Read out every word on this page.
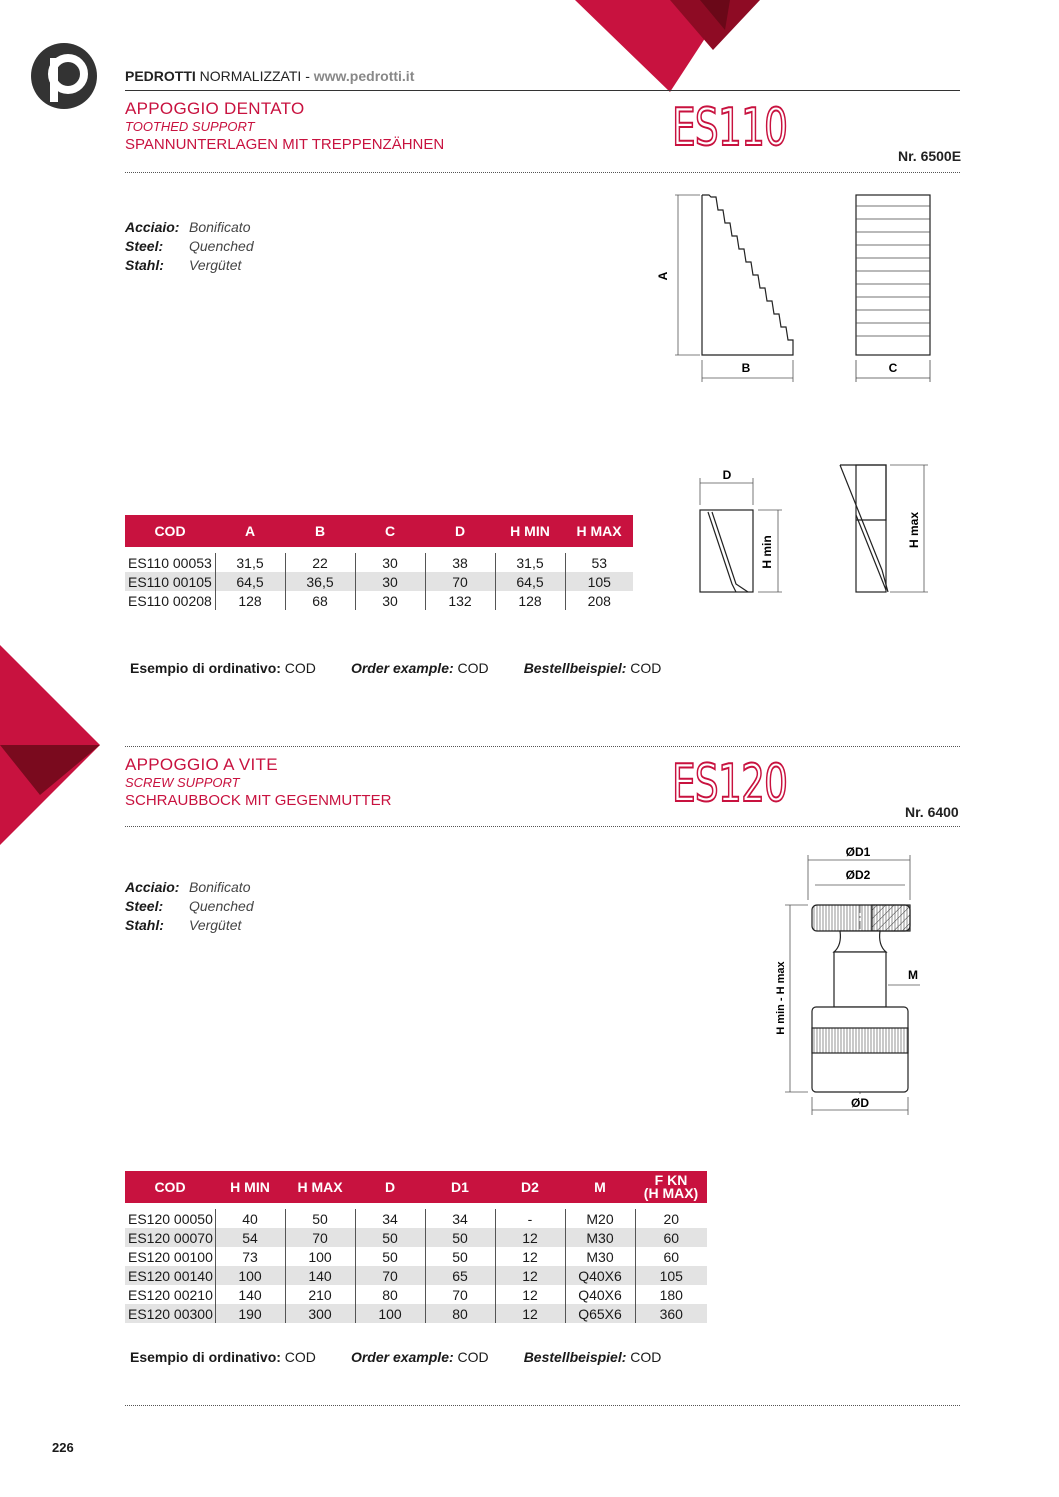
PEDROTTI NORMALIZZATI - www.pedrotti.it
APPOGGIO DENTATO
TOOTHED SUPPORT
SPANNUNTERLAGEN MIT TREPPENZÄHNEN	ES110	Nr. 6500E
Acciaio: Bonificato
Steel: Quenched
Stahl: Vergütet
A
B	C
D
H min
H max
COD	A	B	C	D	H MIN	H MAX

ES110 00053	31,5	22	30	38	31,5	53
ES110 00105	64,5	36,5	30	70	64,5	105
ES110 00208	128	68	30	132	128	208
Esempio di ordinativo: COD	Order example: COD	Bestellbeispiel: COD
APPOGGIO A VITE
SCREW SUPPORT
SCHRAUBBOCK MIT GEGENMUTTER	ES120	Nr. 6400
Acciaio: Bonificato
Steel: Quenched
Stahl: Vergütet
ØD1
ØD2
M
H min - H max
ØD
COD	H MIN	H MAX	D	D1	D2	M	F KN
(H MAX)

ES120 00050	40	50	34	34	-	M20	20
ES120 00070	54	70	50	50	12	M30	60
ES120 00100	73	100	50	50	12	M30	60
ES120 00140	100	140	70	65	12	Q40X6	105
ES120 00210	140	210	80	70	12	Q40X6	180
ES120 00300	190	300	100	80	12	Q65X6	360
Esempio di ordinativo: COD	Order example: COD	Bestellbeispiel: COD
226
